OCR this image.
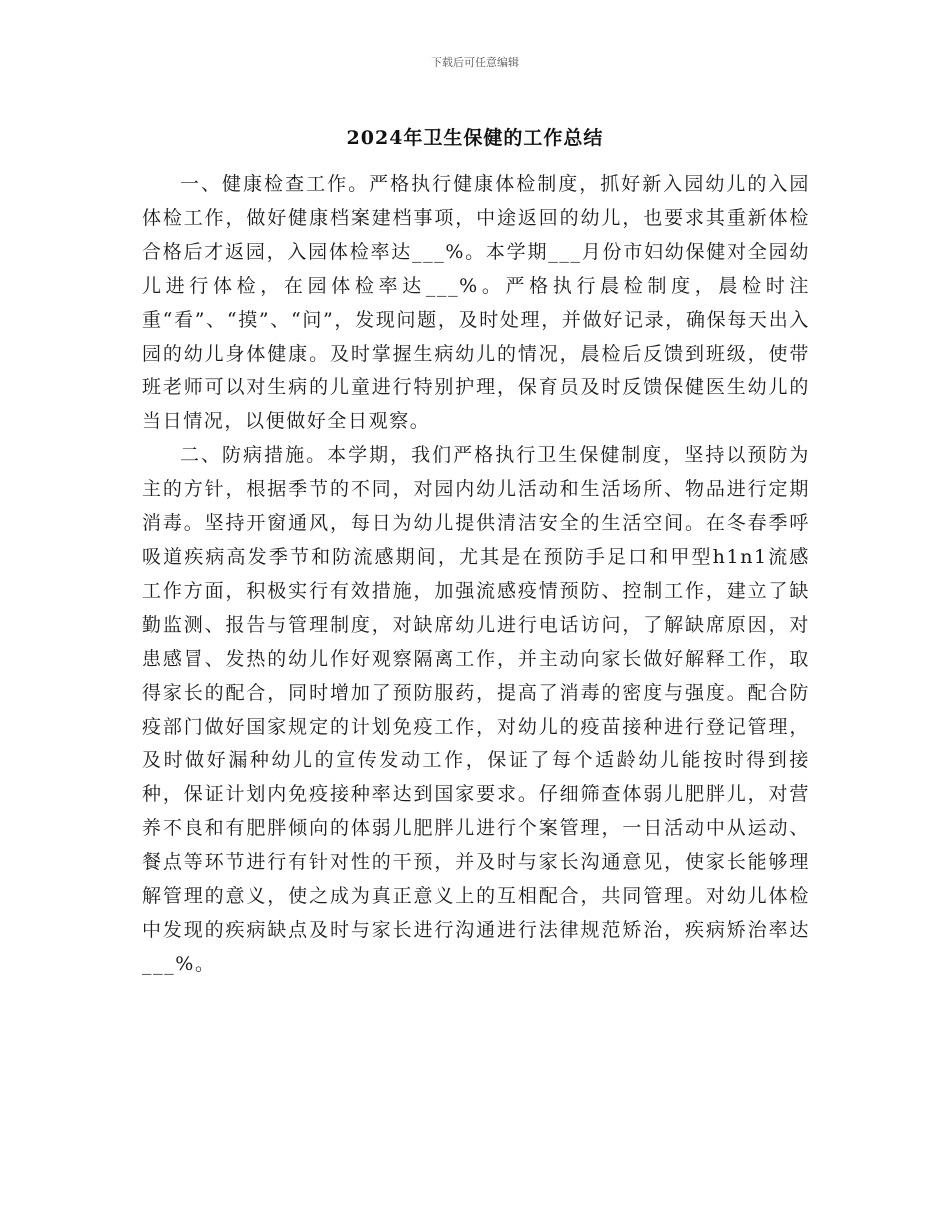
下载后可任意编辑
2024年卫生保健的工作总结

一、健康检查工作。严格执行健康体检制度，抓好新入园幼儿的入园体检工作，做好健康档案建档事项，中途返回的幼儿，也要求其重新体检合格后才返园，入园体检率达___%。本学期___月份市妇幼保健对全园幼儿进行体检，在园体检率达___%。严格执行晨检制度，晨检时注重“看”、“摸”、“问”，发现问题，及时处理，并做好记录，确保每天出入园的幼儿身体健康。及时掌握生病幼儿的情况，晨检后反馈到班级，使带班老师可以对生病的儿童进行特别护理，保育员及时反馈保健医生幼儿的当日情况，以便做好全日观察。

二、防病措施。本学期，我们严格执行卫生保健制度，坚持以预防为主的方针，根据季节的不同，对园内幼儿活动和生活场所、物品进行定期消毒。坚持开窗通风，每日为幼儿提供清洁安全的生活空间。在冬春季呼吸道疾病高发季节和防流感期间，尤其是在预防手足口和甲型h1n1流感工作方面，积极实行有效措施，加强流感疫情预防、控制工作，建立了缺勤监测、报告与管理制度，对缺席幼儿进行电话访问，了解缺席原因，对患感冒、发热的幼儿作好观察隔离工作，并主动向家长做好解释工作，取得家长的配合，同时增加了预防服药，提高了消毒的密度与强度。配合防疫部门做好国家规定的计划免疫工作，对幼儿的疫苗接种进行登记管理，及时做好漏种幼儿的宣传发动工作，保证了每个适龄幼儿能按时得到接种，保证计划内免疫接种率达到国家要求。仔细筛查体弱儿肥胖儿，对营养不良和有肥胖倾向的体弱儿肥胖儿进行个案管理，一日活动中从运动、餐点等环节进行有针对性的干预，并及时与家长沟通意见，使家长能够理解管理的意义，使之成为真正意义上的互相配合，共同管理。对幼儿体检中发现的疾病缺点及时与家长进行沟通进行法律规范矫治，疾病矫治率达___%。
